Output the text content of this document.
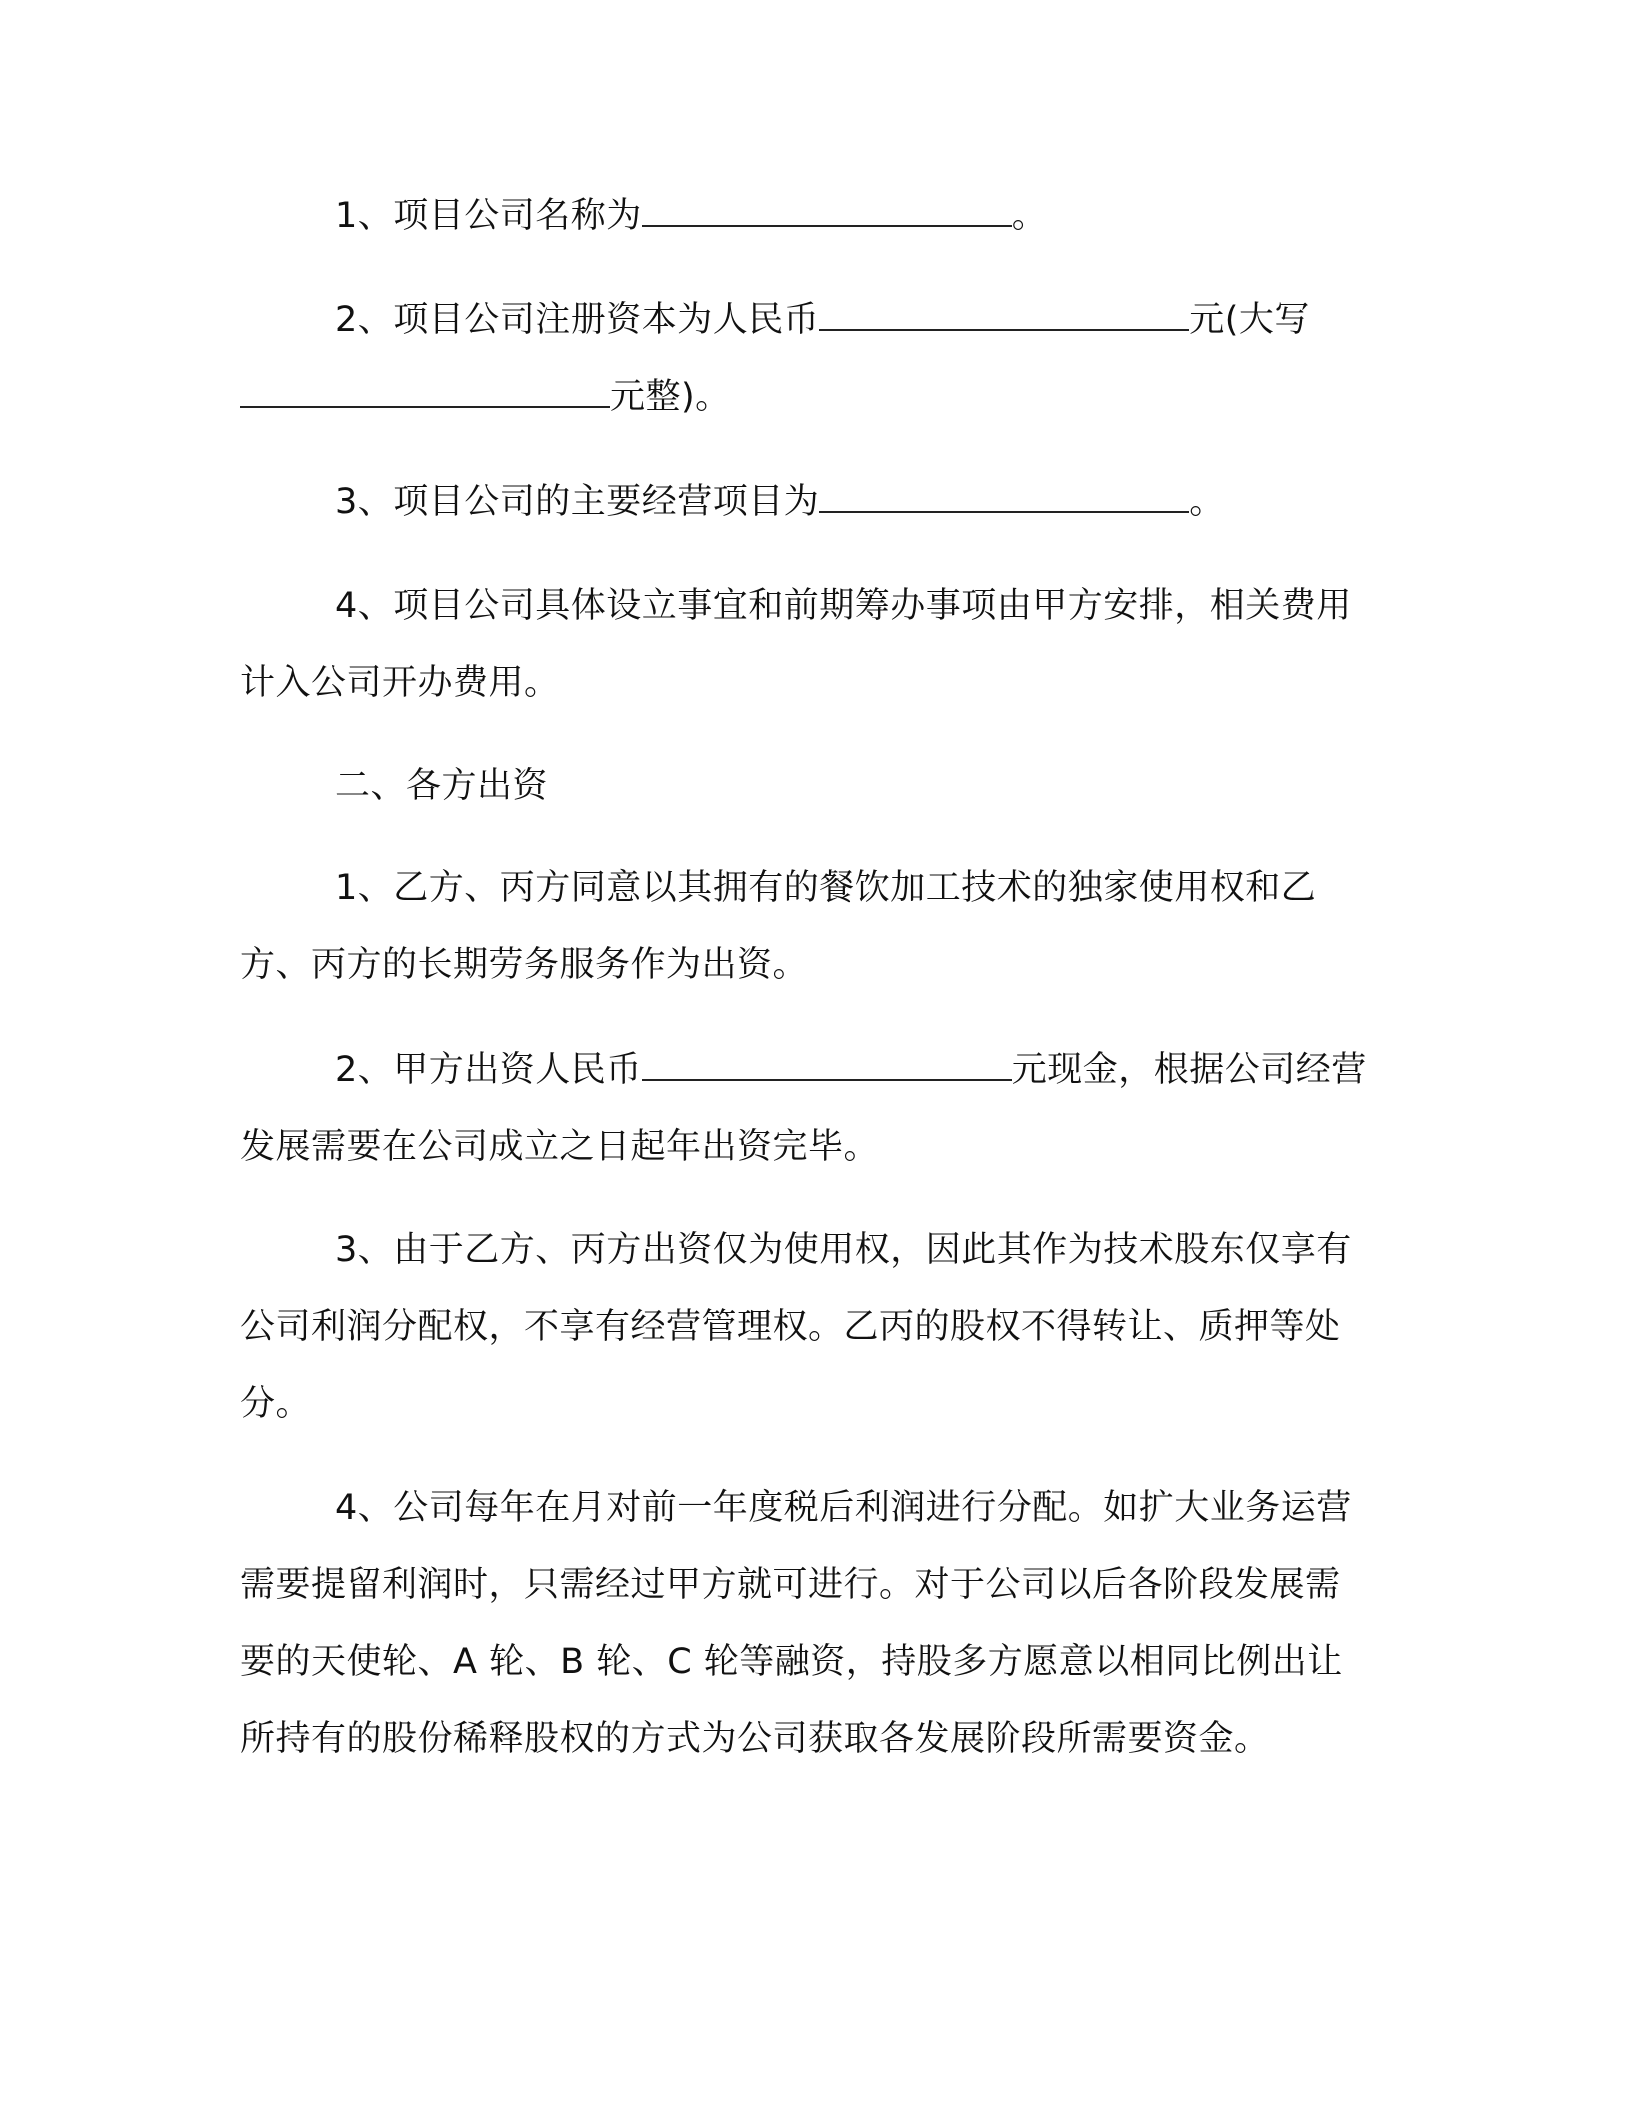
1、项目公司名称为	。

2、项目公司注册资本为人民币	元(大写元整)。

3、项目公司的主要经营项目为	。

4、项目公司具体设立事宜和前期筹办事项由甲方安排，相关费用计入公司开办费用。

二、各方出资

1、乙方、丙方同意以其拥有的餐饮加工技术的独家使用权和乙方、丙方的长期劳务服务作为出资。

2、甲方出资人民币	元现金，根据公司经营发展需要在公司成立之日起年出资完毕。

3、由于乙方、丙方出资仅为使用权，因此其作为技术股东仅享有公司利润分配权，不享有经营管理权。乙丙的股权不得转让、质押等处分。

4、公司每年在月对前一年度税后利润进行分配。如扩大业务运营需要提留利润时，只需经过甲方就可进行。对于公司以后各阶段发展需要的天使轮、A 轮、B 轮、C 轮等融资，持股多方愿意以相同比例出让所持有的股份稀释股权的方式为公司获取各发展阶段所需要资金。
